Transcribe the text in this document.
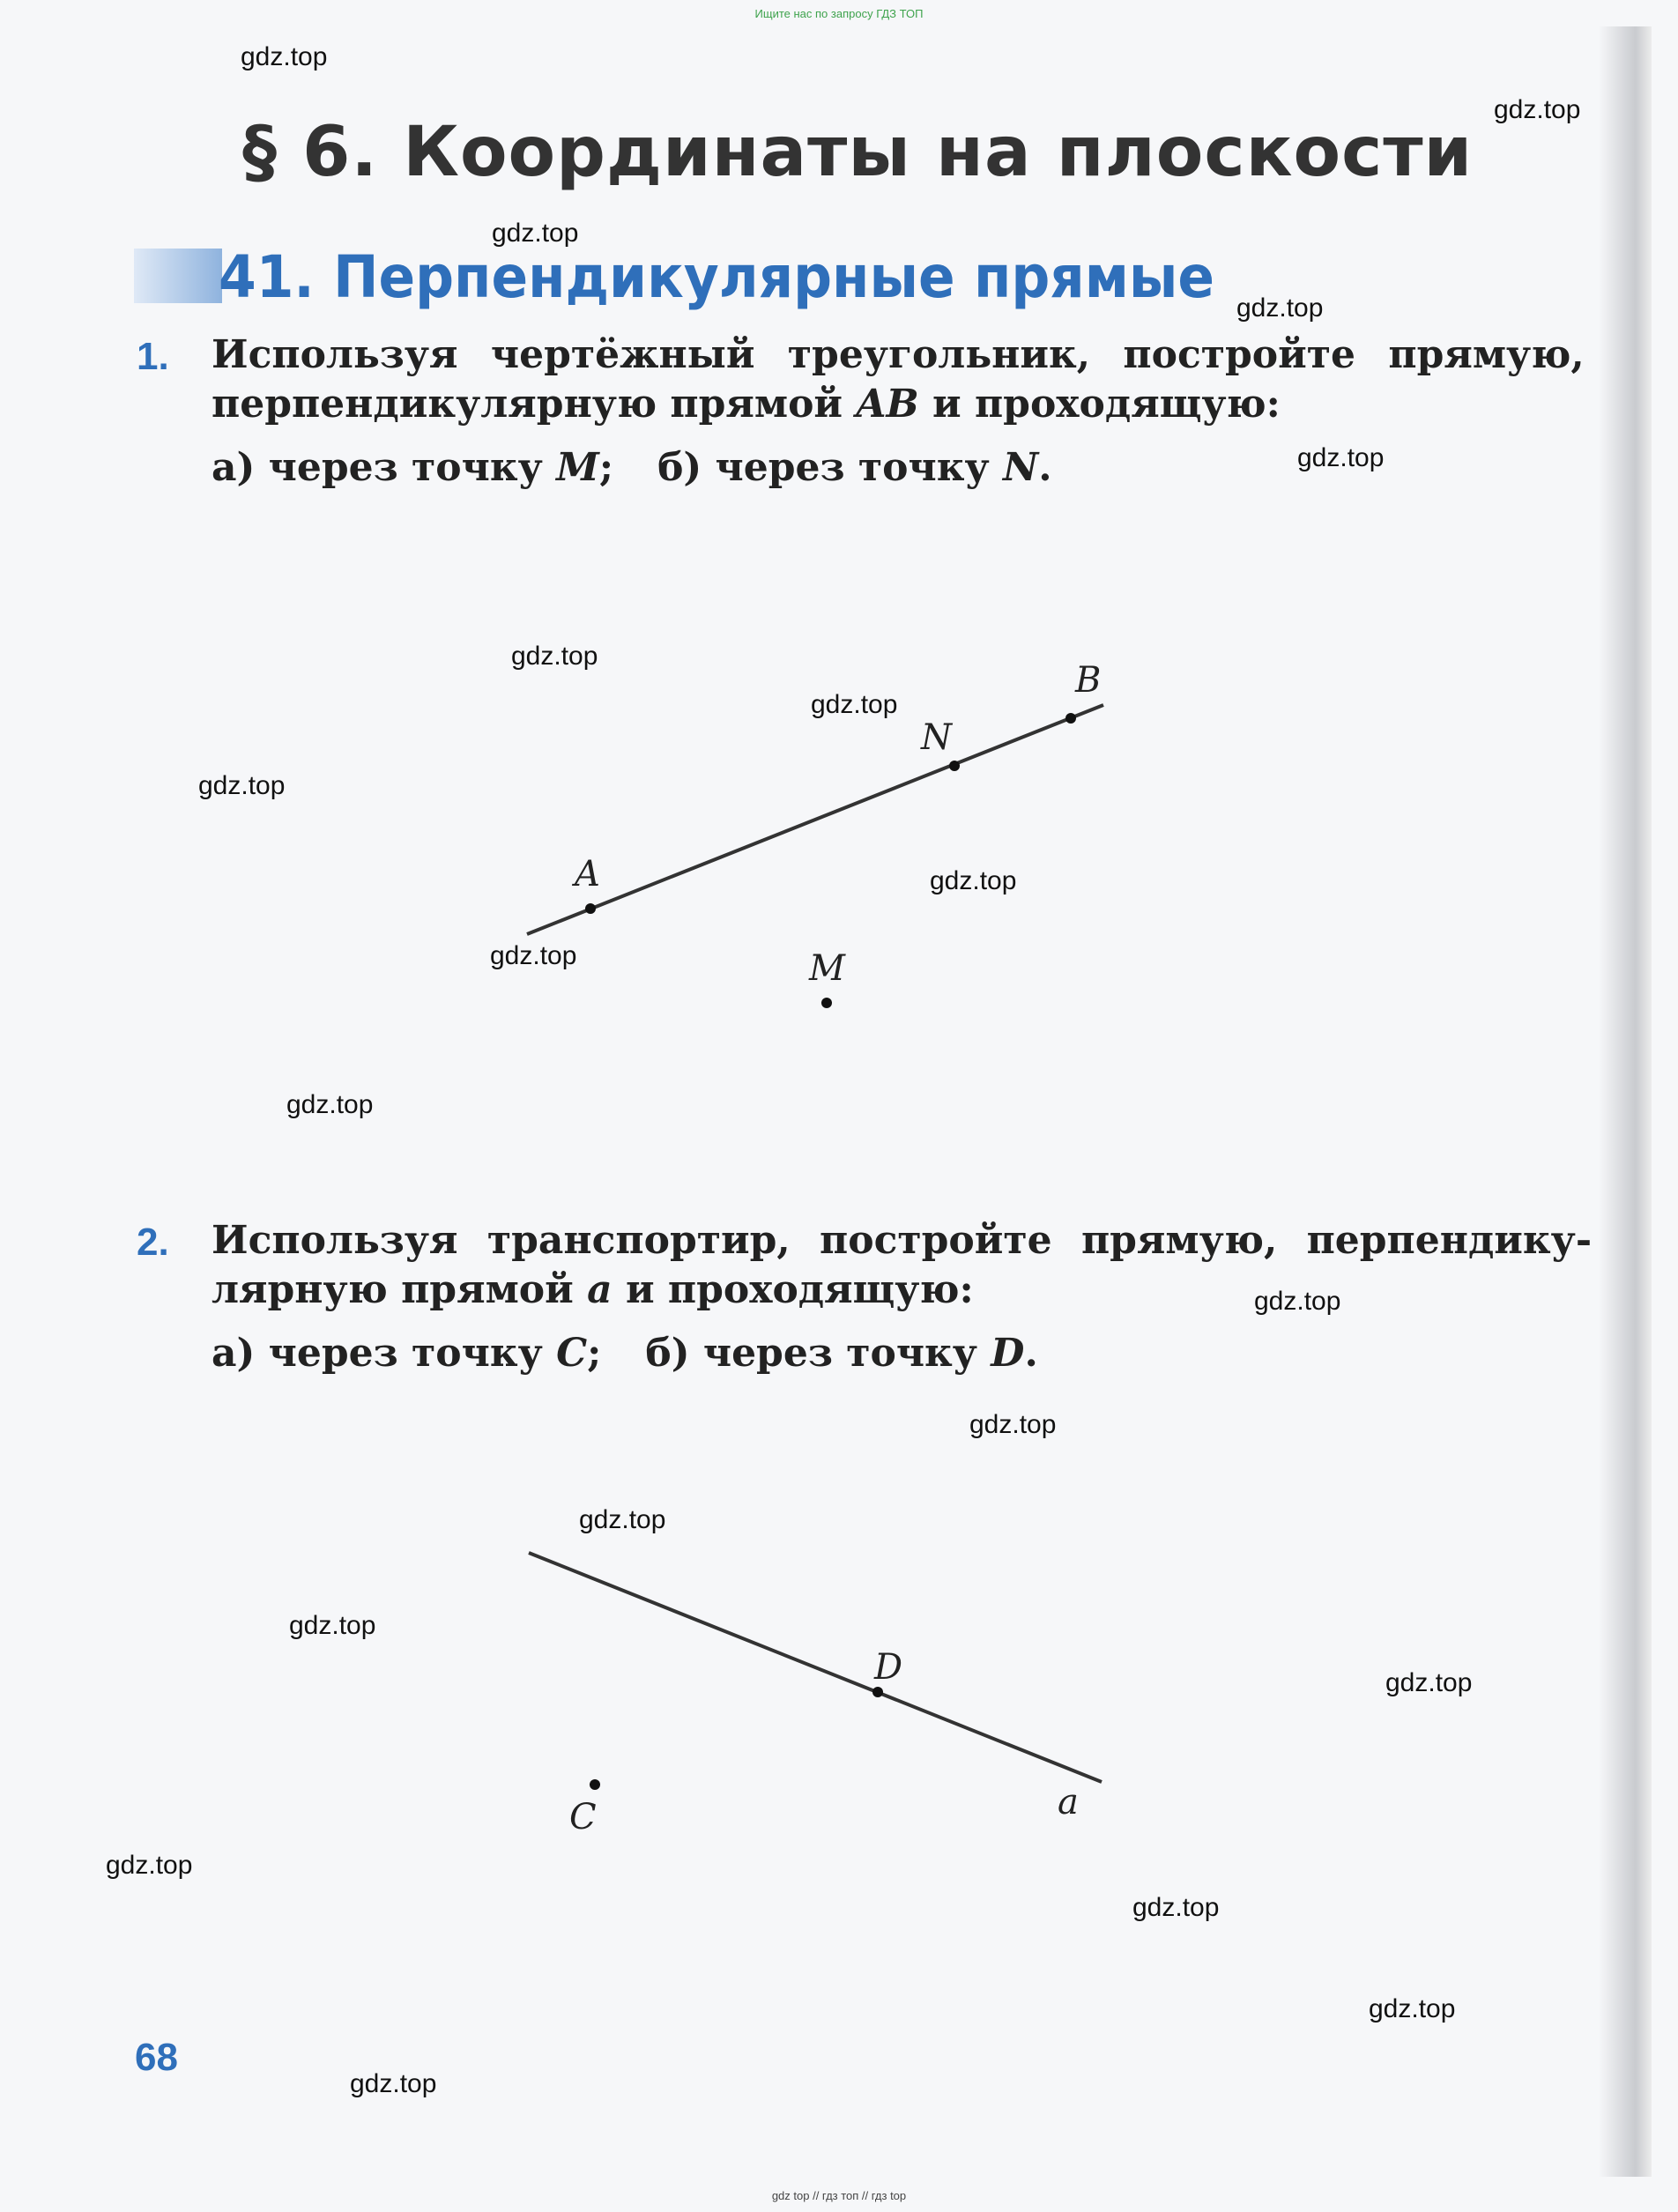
Ищите нас по запросу ГДЗ ТОП
§ 6. Координаты на плоскости
41. Перпендикулярные прямые
1. Используя чертёжный треугольник, постройте прямую,
перпендикулярную прямой AB и проходящую:
а) через точку M; б) через точку N.
A
N
B
M
D
C	a
2. Используя транспортир, постройте прямую, перпендику-
лярную прямой a и проходящую:
а) через точку C; б) через точку D.
68
gdz.top
gdz.top
gdz.top
gdz.top
gdz.top
gdz.top
gdz.top
gdz.top
gdz.top
gdz.top
gdz.top
gdz.top
gdz.top
gdz.top
gdz.top
gdz.top
gdz.top
gdz.top
gdz.top
gdz.top
gdz top // гдз топ // гдз top
